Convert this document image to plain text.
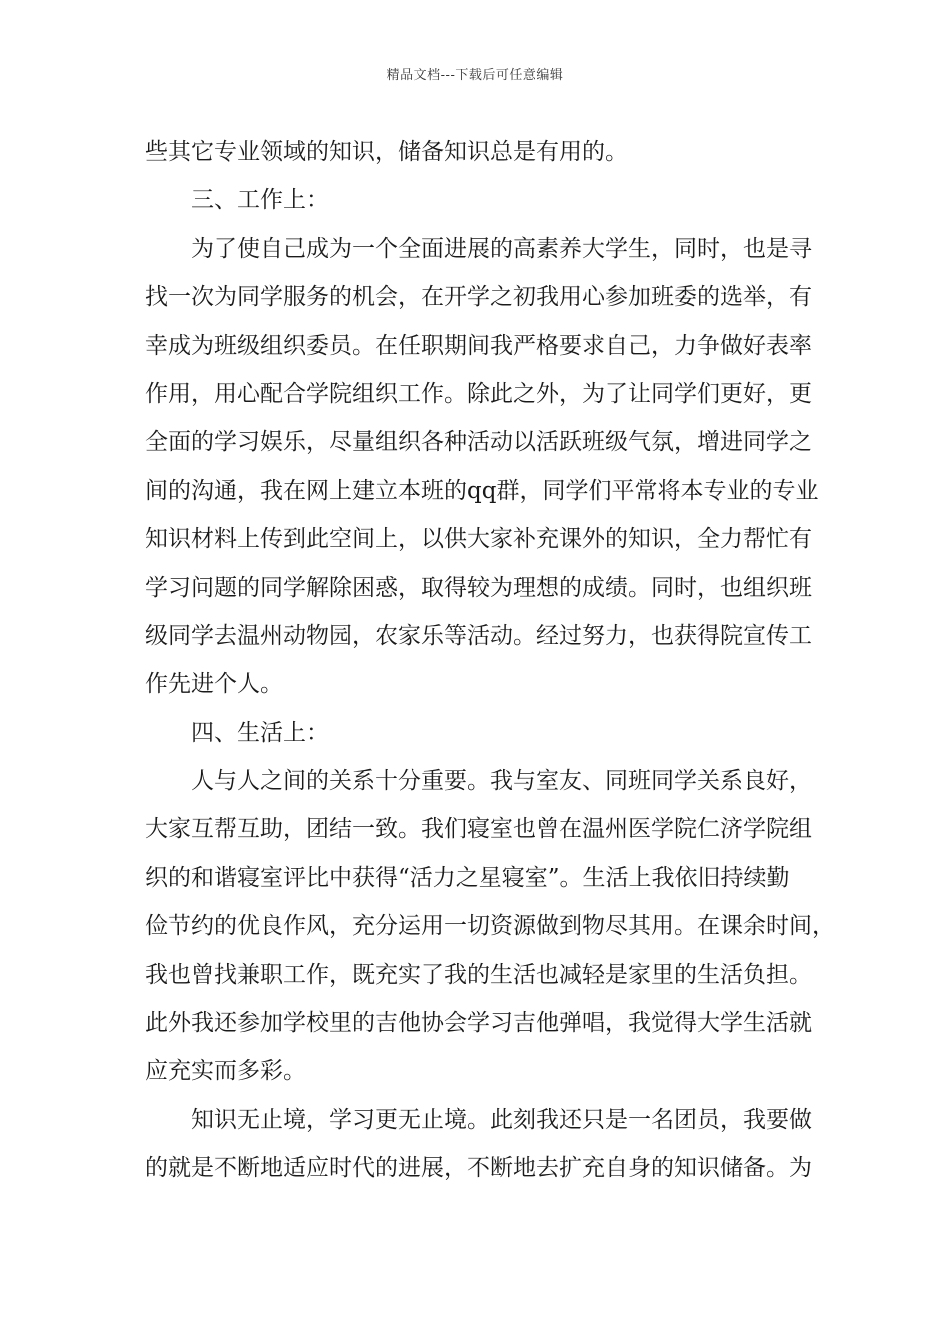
精品文档---下载后可任意编辑
些其它专业领域的知识，储备知识总是有用的。
三、工作上：
为了使自己成为一个全面进展的高素养大学生，同时，也是寻
找一次为同学服务的机会，在开学之初我用心参加班委的选举，有
幸成为班级组织委员。在任职期间我严格要求自己，力争做好表率
作用，用心配合学院组织工作。除此之外，为了让同学们更好，更
全面的学习娱乐，尽量组织各种活动以活跃班级气氛，增进同学之
间的沟通，我在网上建立本班的qq群，同学们平常将本专业的专业
知识材料上传到此空间上，以供大家补充课外的知识，全力帮忙有
学习问题的同学解除困惑，取得较为理想的成绩。同时，也组织班
级同学去温州动物园，农家乐等活动。经过努力，也获得院宣传工
作先进个人。
四、生活上：
人与人之间的关系十分重要。我与室友、同班同学关系良好，
大家互帮互助，团结一致。我们寝室也曾在温州医学院仁济学院组
织的和谐寝室评比中获得“活力之星寝室”。生活上我依旧持续勤
俭节约的优良作风，充分运用一切资源做到物尽其用。在课余时间，
我也曾找兼职工作，既充实了我的生活也减轻是家里的生活负担。
此外我还参加学校里的吉他协会学习吉他弹唱，我觉得大学生活就
应充实而多彩。
知识无止境，学习更无止境。此刻我还只是一名团员，我要做
的就是不断地适应时代的进展，不断地去扩充自身的知识储备。为
